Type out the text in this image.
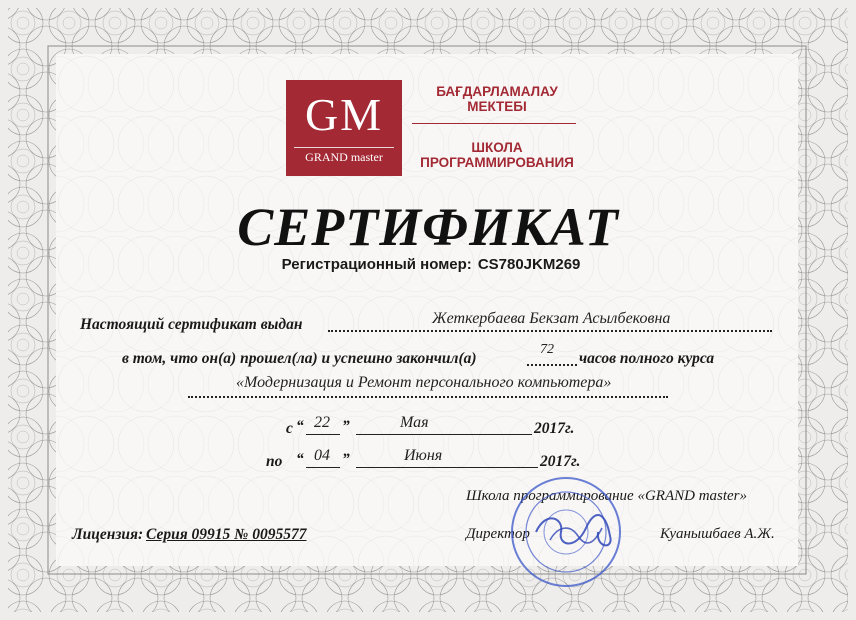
GM
GRAND master
БАҒДАРЛАМАЛАУ
МЕКТЕБІ
ШКОЛА
ПРОГРАММИРОВАНИЯ
СЕРТИФИКАТ
Регистрационный номер: CS780JKM269
Настоящий сертификат выдан	Жеткербаева Бекзат Асылбековна
в том, что он(а) прошел(ла) и успешно закончил(а)
72
часов полного курса
«Модернизация и Ремонт персонального компьютера»
с “ 22 ”	Мая	2017г.
по “ 04 ”	Июня	2017г.
Школа программирование «GRAND master»
Директор	Куанышбаев А.Ж.
Лицензия: Серия 09915 № 0095577
